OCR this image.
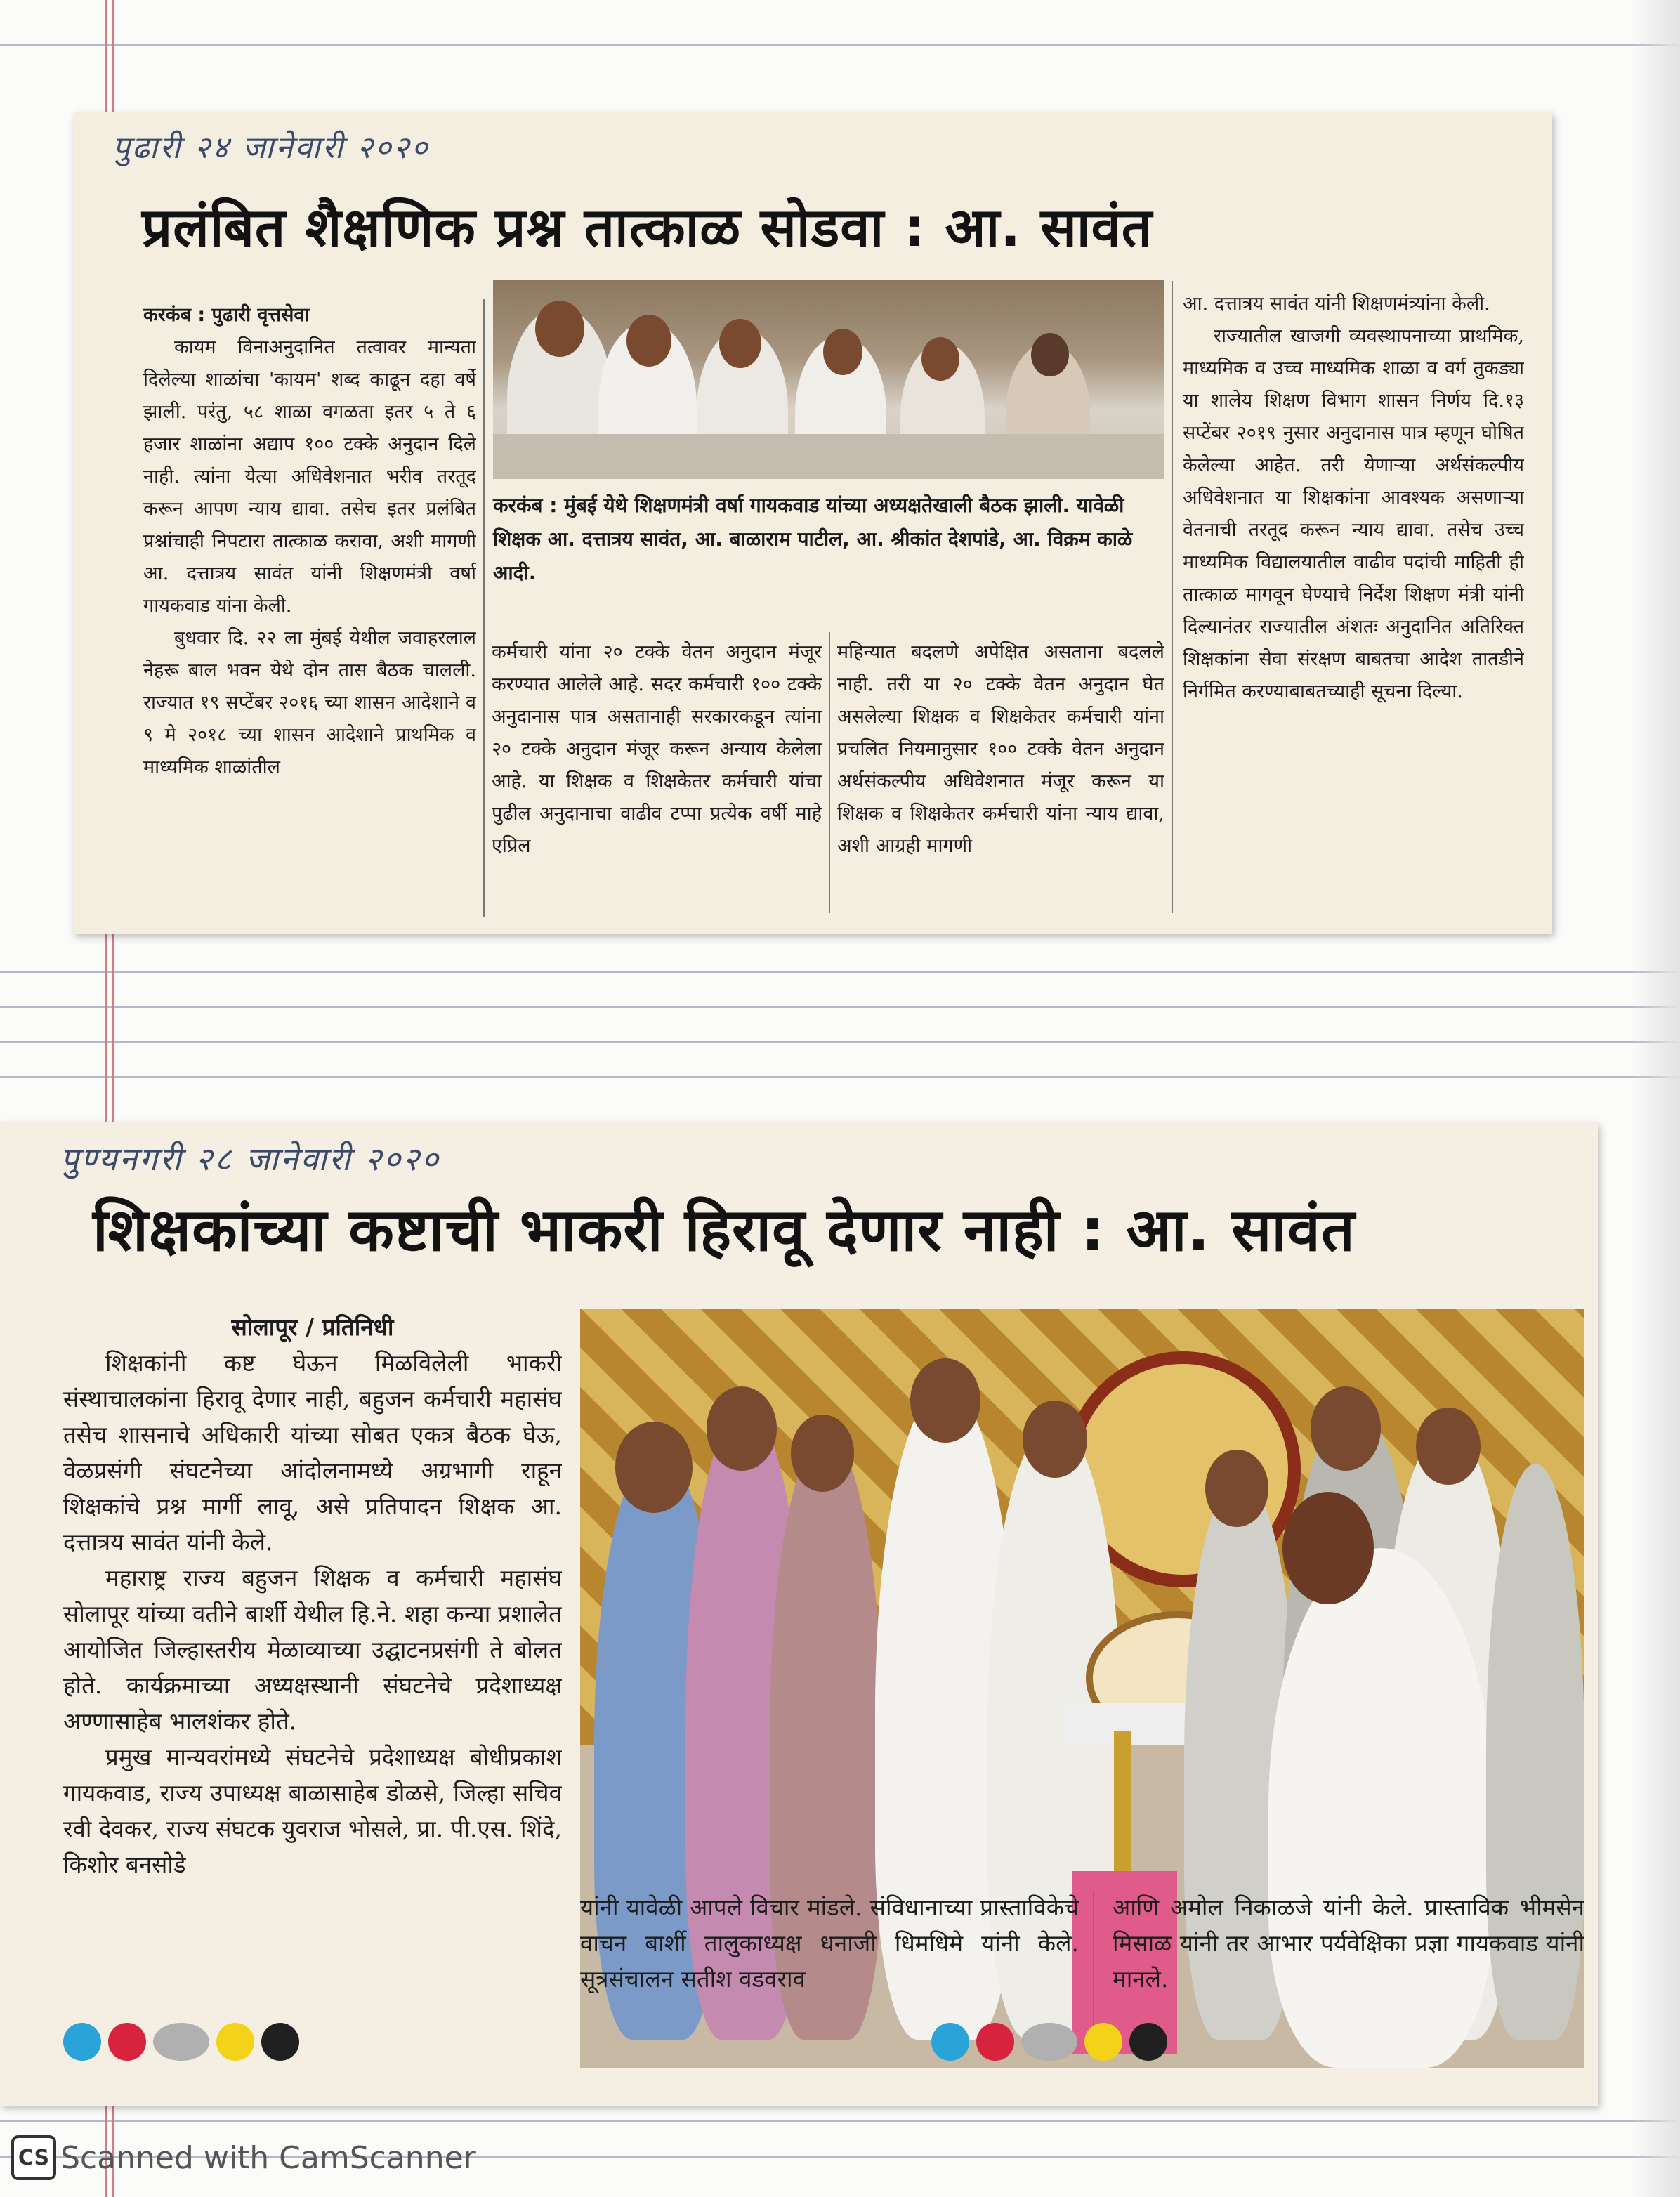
पुढारी २४ जानेवारी २०२०
प्रलंबित शैक्षणिक प्रश्न तात्काळ सोडवा : आ. सावंत

करकंब : पुढारी वृत्तसेवा

कायम विनाअनुदानित तत्वावर मान्यता दिलेल्या शाळांचा 'कायम' शब्द काढून दहा वर्षे झाली. परंतु, ५८ शाळा वगळता इतर ५ ते ६ हजार शाळांना अद्याप १०० टक्के अनुदान दिले नाही. त्यांना येत्या अधिवेशनात भरीव तरतूद करून आपण न्याय द्यावा. तसेच इतर प्रलंबित प्रश्नांचाही निपटारा तात्काळ करावा, अशी मागणी आ. दत्तात्रय सावंत यांनी शिक्षणमंत्री वर्षा गायकवाड यांना केली.

बुधवार दि. २२ ला मुंबई येथील जवाहरलाल नेहरू बाल भवन येथे दोन तास बैठक चालली. राज्यात १९ सप्टेंबर २०१६ च्या शासन आदेशाने व ९ मे २०१८ च्या शासन आदेशाने प्राथमिक व माध्यमिक शाळांतील

करकंब : मुंबई येथे शिक्षणमंत्री वर्षा गायकवाड यांच्या अध्यक्षतेखाली बैठक झाली. यावेळी शिक्षक आ. दत्तात्रय सावंत, आ. बाळाराम पाटील, आ. श्रीकांत देशपांडे, आ. विक्रम काळे आदी.

कर्मचारी यांना २० टक्के वेतन अनुदान मंजूर करण्यात आलेले आहे. सदर कर्मचारी १०० टक्के अनुदानास पात्र असतानाही सरकारकडून त्यांना २० टक्के अनुदान मंजूर करून अन्याय केलेला आहे. या शिक्षक व शिक्षकेतर कर्मचारी यांचा पुढील अनुदानाचा वाढीव टप्पा प्रत्येक वर्षी माहे एप्रिल

महिन्यात बदलणे अपेक्षित असताना बदलले नाही. तरी या २० टक्के वेतन अनुदान घेत असलेल्या शिक्षक व शिक्षकेतर कर्मचारी यांना प्रचलित नियमानुसार १०० टक्के वेतन अनुदान अर्थसंकल्पीय अधिवेशनात मंजूर करून या शिक्षक व शिक्षकेतर कर्मचारी यांना न्याय द्यावा, अशी आग्रही मागणी

आ. दत्तात्रय सावंत यांनी शिक्षणमंत्र्यांना केली.

राज्यातील खाजगी व्यवस्थापनाच्या प्राथमिक, माध्यमिक व उच्च माध्यमिक शाळा व वर्ग तुकड्या या शालेय शिक्षण विभाग शासन निर्णय दि.१३ सप्टेंबर २०१९ नुसार अनुदानास पात्र म्हणून घोषित केलेल्या आहेत. तरी येणाऱ्या अर्थसंकल्पीय अधिवेशनात या शिक्षकांना आवश्यक असणाऱ्या वेतनाची तरतूद करून न्याय द्यावा. तसेच उच्च माध्यमिक विद्यालयातील वाढीव पदांची माहिती ही तात्काळ मागवून घेण्याचे निर्देश शिक्षण मंत्री यांनी दिल्यानंतर राज्यातील अंशतः अनुदानित अतिरिक्त शिक्षकांना सेवा संरक्षण बाबतचा आदेश तातडीने निर्गमित करण्याबाबतच्याही सूचना दिल्या.

पुण्यनगरी २८ जानेवारी २०२०
शिक्षकांच्या कष्टाची भाकरी हिरावू देणार नाही : आ. सावंत

सोलापूर / प्रतिनिधी

शिक्षकांनी कष्ट घेऊन मिळविलेली भाकरी संस्थाचालकांना हिरावू देणार नाही, बहुजन कर्मचारी महासंघ तसेच शासनाचे अधिकारी यांच्या सोबत एकत्र बैठक घेऊ, वेळप्रसंगी संघटनेच्या आंदोलनामध्ये अग्रभागी राहून शिक्षकांचे प्रश्न मार्गी लावू, असे प्रतिपादन शिक्षक आ. दत्तात्रय सावंत यांनी केले.

महाराष्ट्र राज्य बहुजन शिक्षक व कर्मचारी महासंघ सोलापूर यांच्या वतीने बार्शी येथील हि.ने. शहा कन्या प्रशालेत आयोजित जिल्हास्तरीय मेळाव्याच्या उद्घाटनप्रसंगी ते बोलत होते. कार्यक्रमाच्या अध्यक्षस्थानी संघटनेचे प्रदेशाध्यक्ष अण्णासाहेब भालशंकर होते.

प्रमुख मान्यवरांमध्ये संघटनेचे प्रदेशाध्यक्ष बोधीप्रकाश गायकवाड, राज्य उपाध्यक्ष बाळासाहेब डोळसे, जिल्हा सचिव रवी देवकर, राज्य संघटक युवराज भोसले, प्रा. पी.एस. शिंदे, किशोर बनसोडे

यांनी यावेळी आपले विचार मांडले. संविधानाच्या प्रास्ताविकेचे वाचन बार्शी तालुकाध्यक्ष धनाजी धिमधिमे यांनी केले. सूत्रसंचालन सतीश वडवराव

आणि अमोल निकाळजे यांनी केले. प्रास्ताविक भीमसेन मिसाळ यांनी तर आभार पर्यवेक्षिका प्रज्ञा गायकवाड यांनी मानले.

CS Scanned with CamScanner
